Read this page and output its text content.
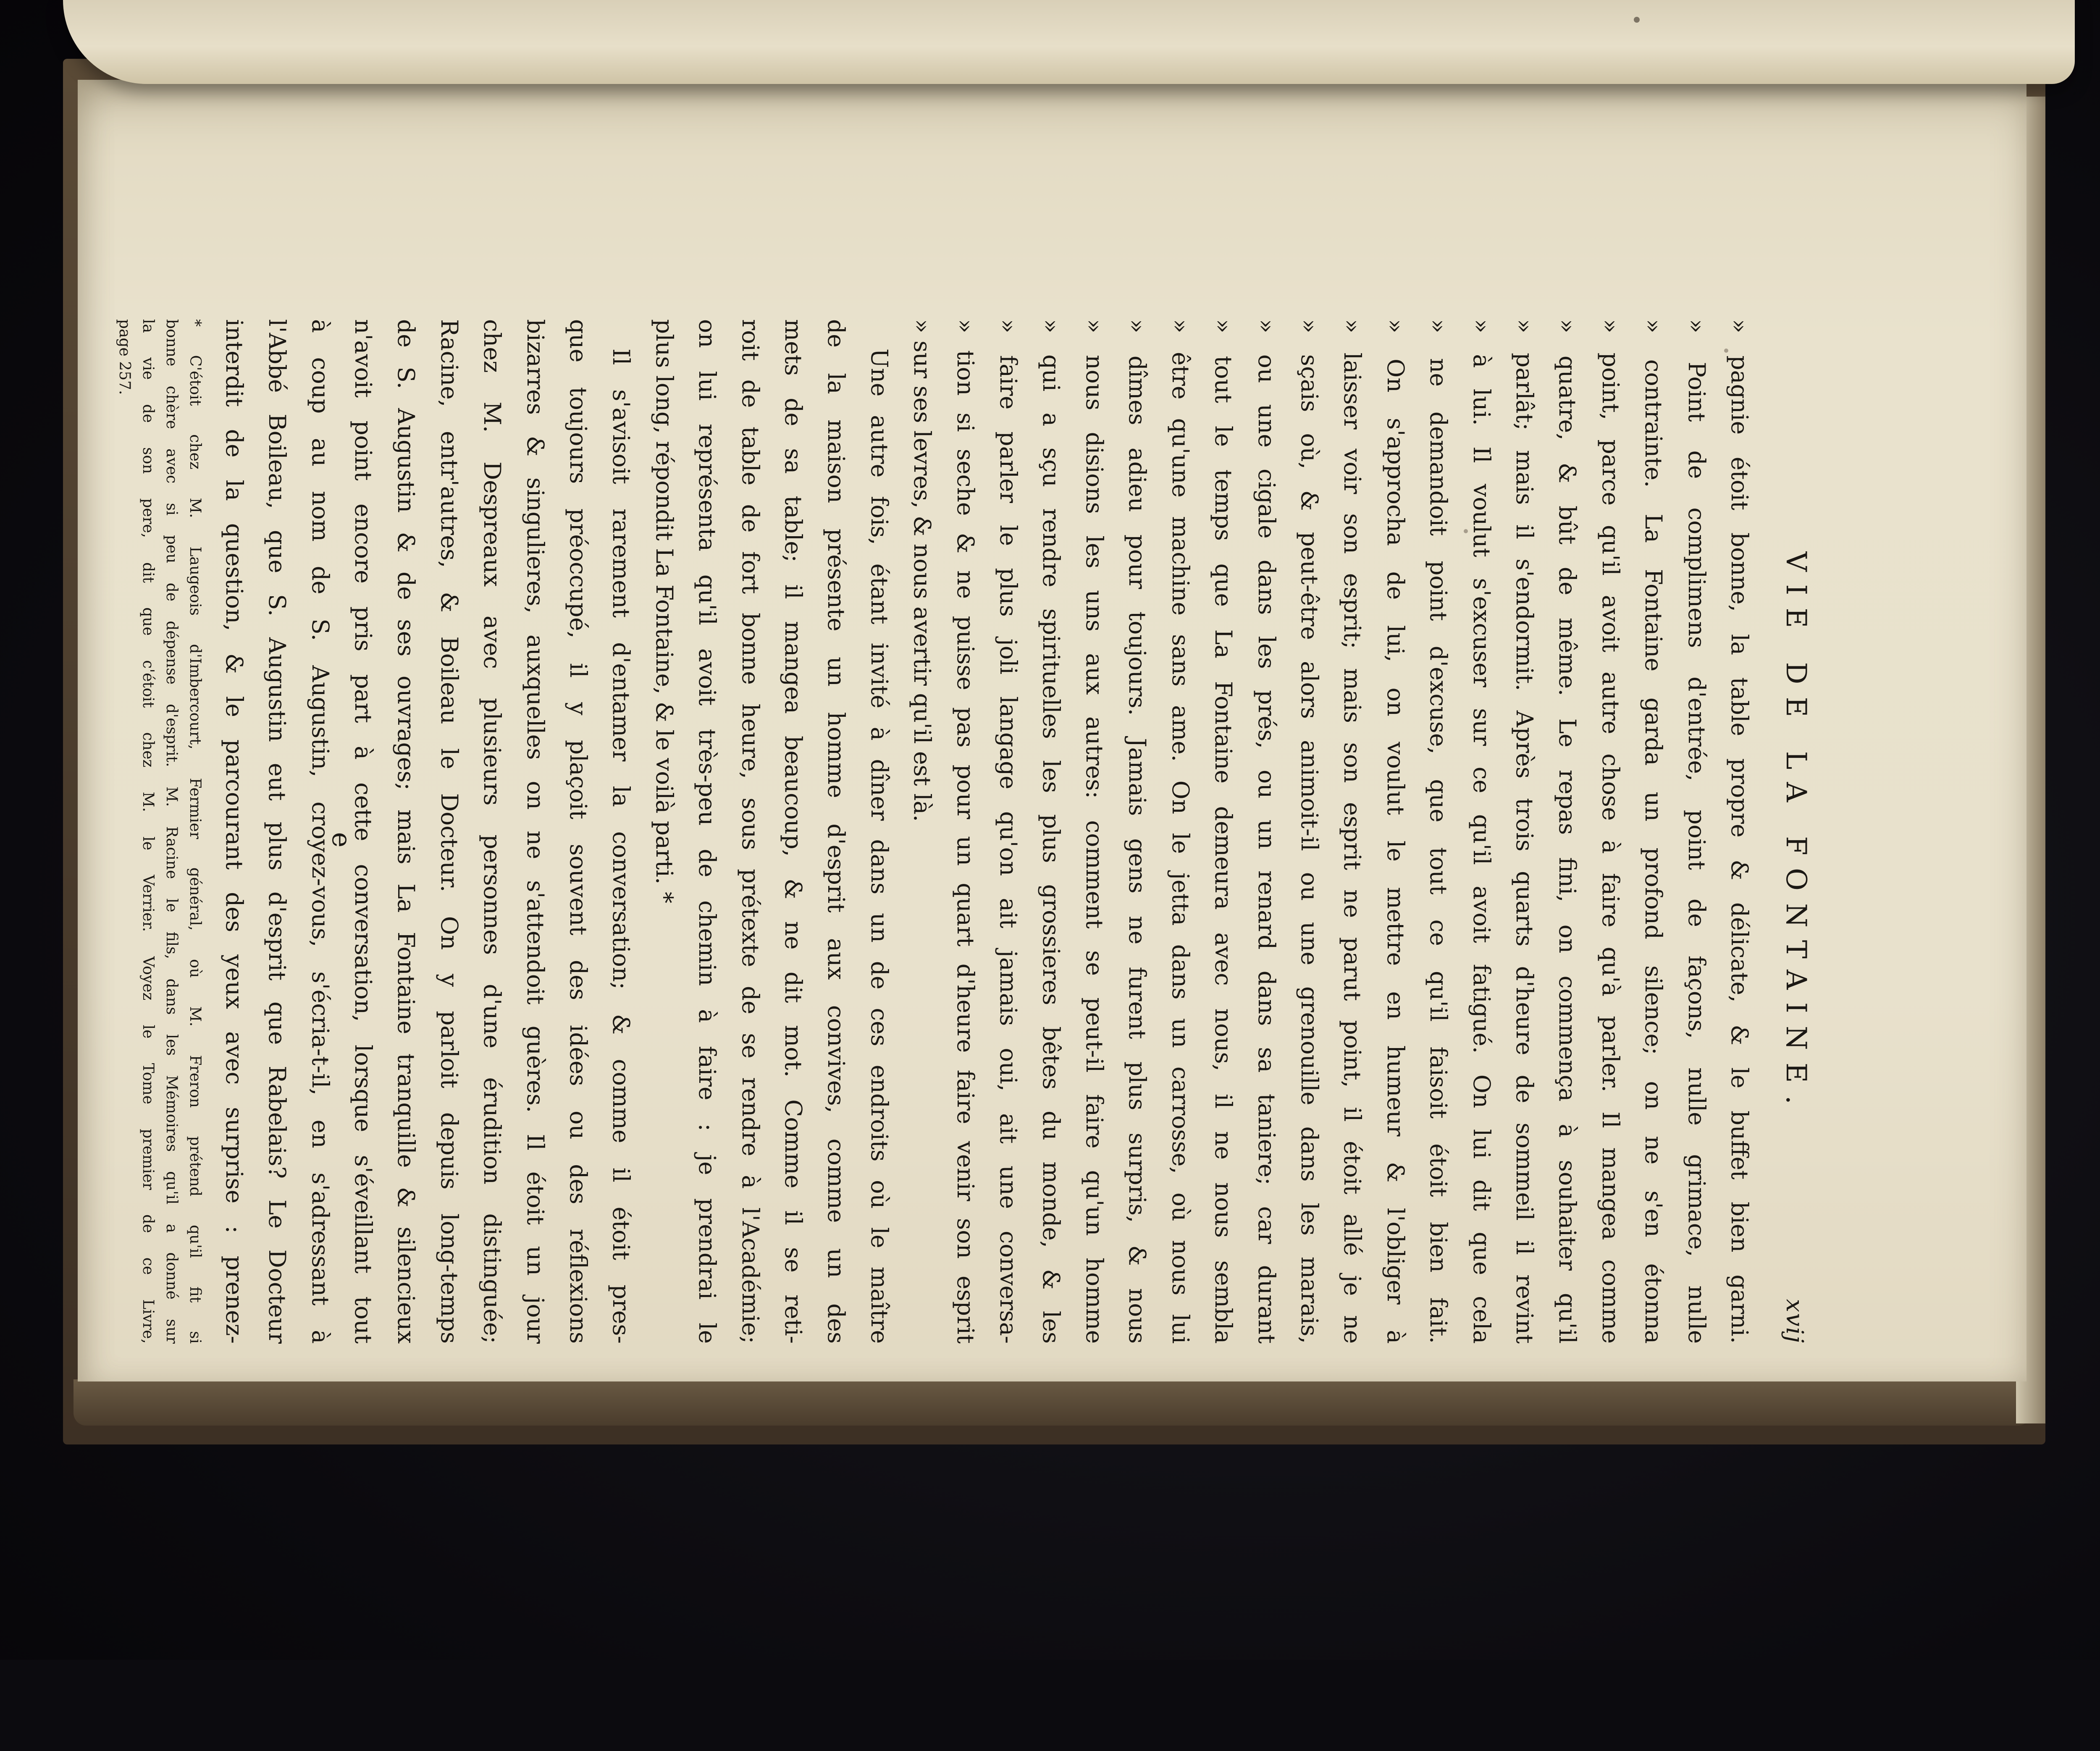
VIE DE LA FONTAINE.
xvij
» pagnie étoit bonne, la table propre & délicate, & le buffet bien garni.
» Point de complimens d'entrée, point de façons, nulle grimace, nulle
» contrainte. La Fontaine garda un profond silence; on ne s'en étonna
» point, parce qu'il avoit autre chose à faire qu'à parler. Il mangea comme
» quatre, & bût de même. Le repas fini, on commença à souhaiter qu'il
» parlât; mais il s'endormit. Après trois quarts d'heure de sommeil il revint
» à lui. Il voulut s'excuser sur ce qu'il avoit fatigué. On lui dit que cela
» ne demandoit point d'excuse, que tout ce qu'il faisoit étoit bien fait.
» On s'approcha de lui, on voulut le mettre en humeur & l'obliger à
» laisser voir son esprit; mais son esprit ne parut point, il étoit allé je ne
» sçais où, & peut-être alors animoit-il ou une grenouille dans les marais,
» ou une cigale dans les prés, ou un renard dans sa taniere; car durant
» tout le temps que La Fontaine demeura avec nous, il ne nous sembla
» être qu'une machine sans ame. On le jetta dans un carrosse, où nous lui
» dîmes adieu pour toujours. Jamais gens ne furent plus surpris, & nous
» nous disions les uns aux autres: comment se peut-il faire qu'un homme
» qui a sçu rendre spirituelles les plus grossieres bêtes du monde, & les
» faire parler le plus joli langage qu'on ait jamais oui, ait une conversa-
» tion si seche & ne puisse pas pour un quart d'heure faire venir son esprit
» sur ses levres, & nous avertir qu'il est là.
Une autre fois, étant invité à dîner dans un de ces endroits où le maître
de la maison présente un homme d'esprit aux convives, comme un des
mets de sa table; il mangea beaucoup, & ne dit mot. Comme il se reti-
roit de table de fort bonne heure, sous prétexte de se rendre à l'Académie;
on lui représenta qu'il avoit très-peu de chemin à faire : je prendrai le
plus long, répondit La Fontaine, & le voilà parti. *
Il s'avisoit rarement d'entamer la conversation; & comme il étoit pres-
que toujours préoccupé, il y plaçoit souvent des idées ou des réflexions
bizarres & singulieres, auxquelles on ne s'attendoit guères. Il étoit un jour
chez M. Despreaux avec plusieurs personnes d'une érudition distinguée;
Racine, entr'autres, & Boileau le Docteur. On y parloit depuis long-temps
de S. Augustin & de ses ouvrages; mais La Fontaine tranquille & silencieux
n'avoit point encore pris part à cette conversation, lorsque s'éveillant tout
à coup au nom de S. Augustin, croyez-vous, s'écria-t-il, en s'adressant à
l'Abbé Boileau, que S. Augustin eut plus d'esprit que Rabelais? Le Docteur
interdit de la question, & le parcourant des yeux avec surprise : prenez-
* C'étoit chez M. Laugeois d'Imbercourt, Fermier général, où M. Freron prétend qu'il fit si
bonne chère avec si peu de dépense d'esprit. M. Racine le fils, dans les Mémoires qu'il a donné sur
la vie de son pere, dit que c'étoit chez M. le Verrier. Voyez le Tome premier de ce Livre,
page 257.
e
